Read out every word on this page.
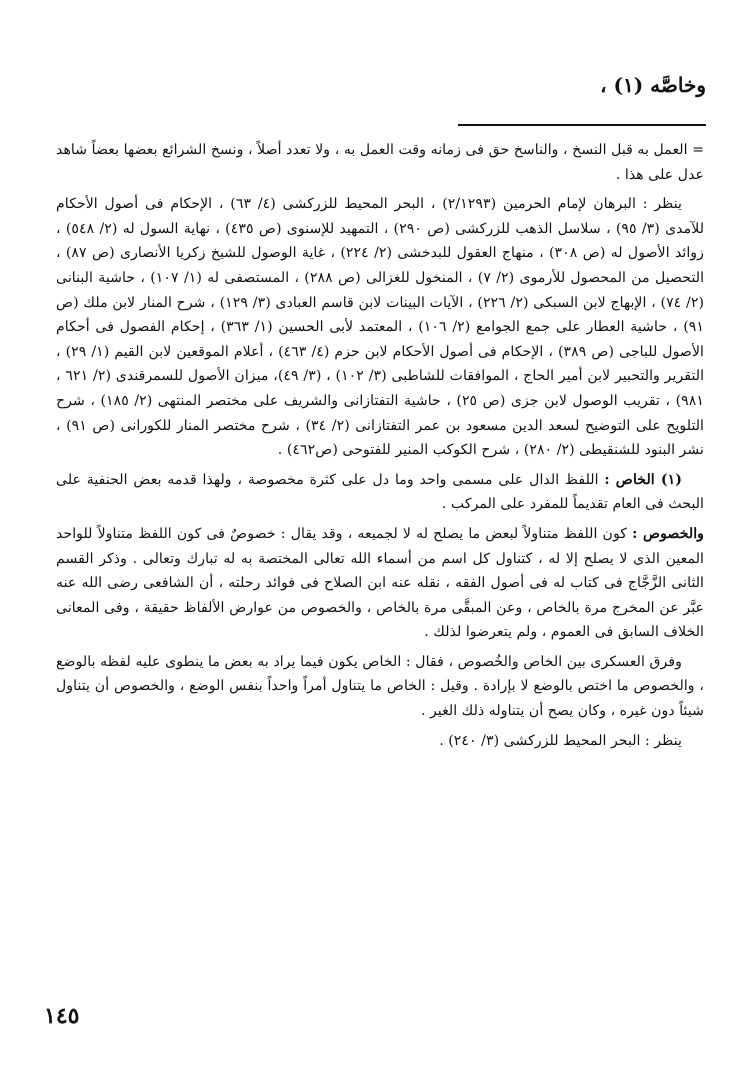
وخاصَّه (١) ،

= العمل به قبل النسخ ، والناسخ حق فى زمانه وقت العمل به ، ولا تعدد أصلاً ، ونسخ الشرائع بعضها بعضاً شاهد عدل على هذا .

ينظر : البرهان لإمام الحرمين (٢/١٢٩٣) ، البحر المحيط للزركشى (٤/ ٦٣) ، الإحكام فى أصول الأحكام للآمدى (٣/ ٩٥) ، سلاسل الذهب للزركشى (ص ٢٩٠) ، التمهيد للإسنوى (ص ٤٣٥) ، نهاية السول له (٢/ ٥٤٨) ، زوائد الأصول له (ص ٣٠٨) ، منهاج العقول للبدخشى (٢/ ٢٢٤) ، غاية الوصول للشيخ زكريا الأنصارى (ص ٨٧) ، التحصيل من المحصول للأرموى (٢/ ٧) ، المنخول للغزالى (ص ٢٨٨) ، المستصفى له (١/ ١٠٧) ، حاشية البنانى (٢/ ٧٤) ، الإبهاج لابن السبكى (٢/ ٢٢٦) ، الآيات البينات لابن قاسم العبادى (٣/ ١٢٩) ، شرح المنار لابن ملك (ص ٩١) ، حاشية العطار على جمع الجوامع (٢/ ١٠٦) ، المعتمد لأبى الحسين (١/ ٣٦٣) ، إحكام الفصول فى أحكام الأصول للباجى (ص ٣٨٩) ، الإحكام فى أصول الأحكام لابن حزم (٤/ ٤٦٣) ، أعلام الموقعين لابن القيم (١/ ٢٩) ، التقرير والتحبير لابن أمير الحاج ، الموافقات للشاطبى (٣/ ١٠٢) ، (٣/ ٤٩)، ميزان الأصول للسمرقندى (٢/ ٦٢١ ، ٩٨١) ، تقريب الوصول لابن جزى (ص ٢٥) ، حاشية التفتازانى والشريف على مختصر المنتهى (٢/ ١٨٥) ، شرح التلويح على التوضيح لسعد الدين مسعود بن عمر التفتازانى (٢/ ٣٤) ، شرح مختصر المنار للكورانى (ص ٩١) ، نشر البنود للشنقيطى (٢/ ٢٨٠) ، شرح الكوكب المنير للفتوحى (ص٤٦٢) .

(١) الخاص : اللفظ الدال على مسمى واحد وما دل على كثرة مخصوصة ، ولهذا قدمه بعض الحنفية على البحث فى العام تقديماً للمفرد على المركب .

والخصوص : كون اللفظ متناولاً لبعض ما يصلح له لا لجميعه ، وقد يقال : خصوصٌ فى كون اللفظ متناولاً للواحد المعين الذى لا يصلح إلا له ، كتناول كل اسم من أسماء الله تعالى المختصة به له تبارك وتعالى . وذكر القسم الثانى الزَّجَّاج فى كتاب له فى أصول الفقه ، نقله عنه ابن الصلاح فى فوائد رحلته ، أن الشافعى رضى الله عنه عبَّر عن المخرج مرة بالخاص ، وعن المبقَّى مرة بالخاص ، والخصوص من عوارض الألفاظ حقيقة ، وفى المعانى الخلاف السابق فى العموم ، ولم يتعرضوا لذلك .

وفرق العسكرى بين الخاص والخُصوص ، فقال : الخاص يكون فيما يراد به بعض ما ينطوى عليه لفظه بالوضع ، والخصوص ما اختص بالوضع لا بإرادة . وقيل : الخاص ما يتناول أمراً واحداً بنفس الوضع ، والخصوص أن يتناول شيئاً دون غيره ، وكان يصح أن يتناوله ذلك الغير .

ينظر : البحر المحيط للزركشى (٣/ ٢٤٠) .

١٤٥
